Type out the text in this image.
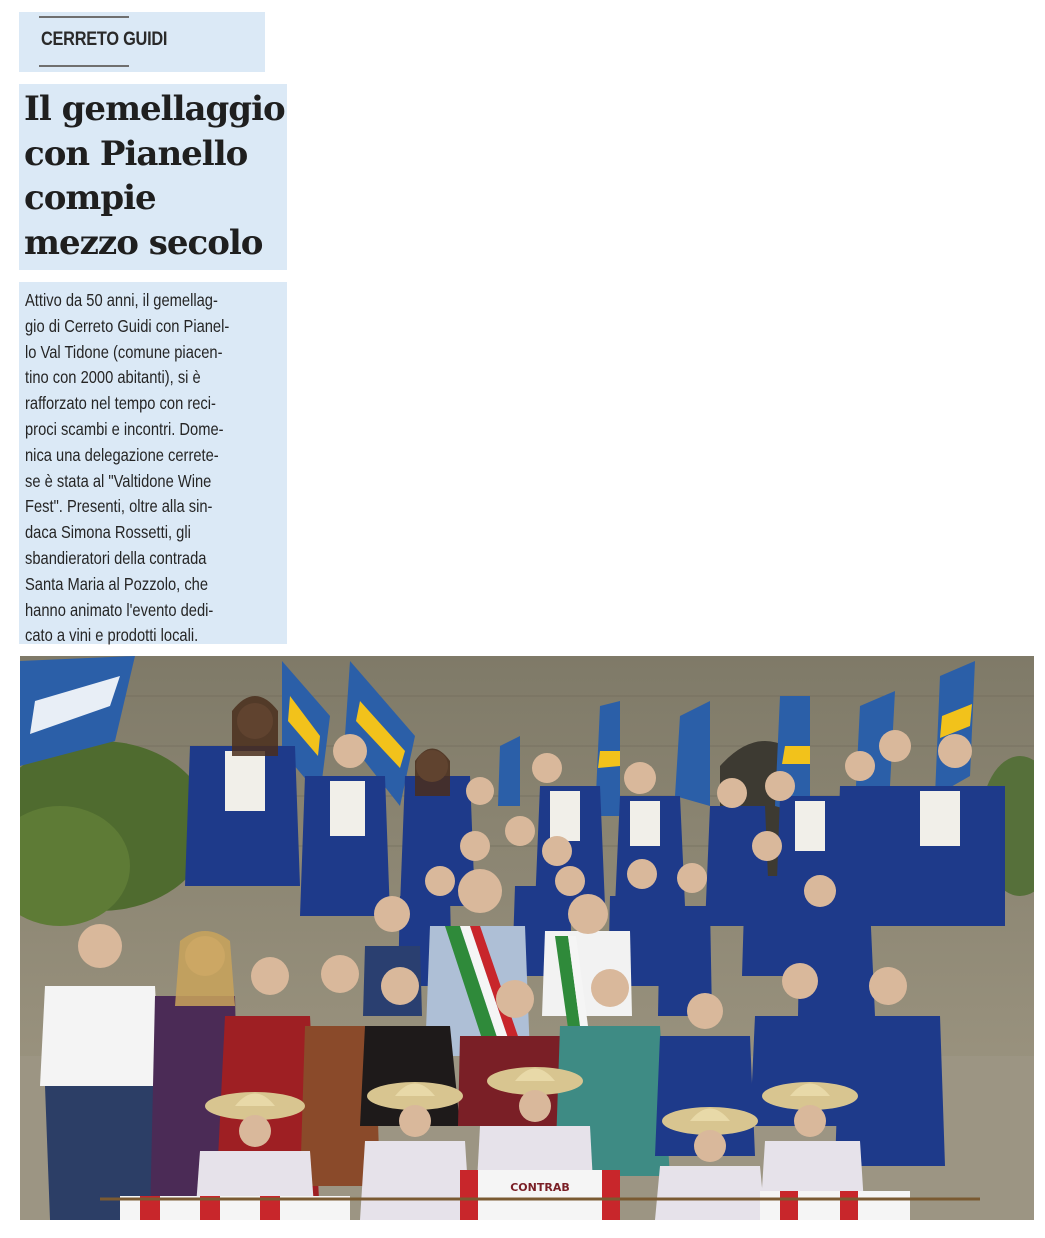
CERRETO GUIDI
Il gemellaggio
con Pianello
compie
mezzo secolo
Attivo da 50 anni, il gemellag-
gio di Cerreto Guidi con Pianel-
lo Val Tidone (comune piacen-
tino con 2000 abitanti), si è
rafforzato nel tempo con reci-
proci scambi e incontri. Dome-
nica una delegazione cerrete-
se è stata al "Valtidone Wine
Fest". Presenti, oltre alla sin-
daca Simona Rossetti, gli
sbandieratori della contrada
Santa Maria al Pozzolo, che
hanno animato l'evento dedi-
cato a vini e prodotti locali.
CONTRAB
